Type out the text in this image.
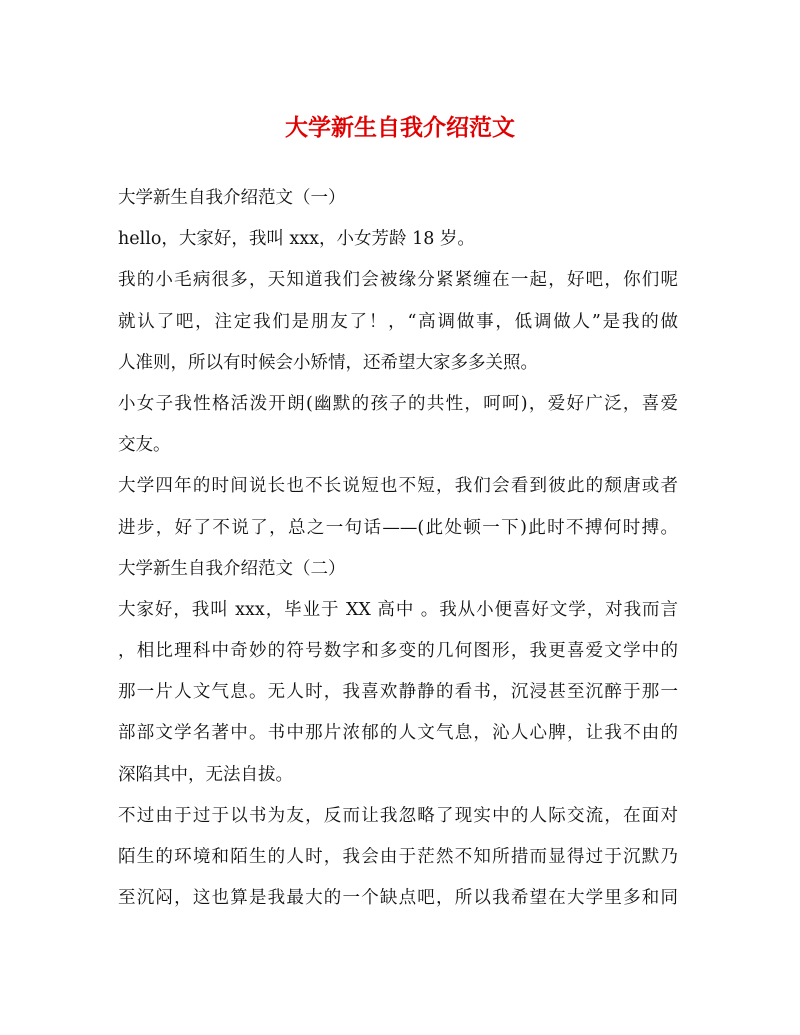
大学新生自我介绍范文
大学新生自我介绍范文（一）
hello，大家好，我叫 xxx，小女芳龄 18 岁。
我的小毛病很多，天知道我们会被缘分紧紧缠在一起，好吧，你们呢
就认了吧，注定我们是朋友了！，“高调做事，低调做人”是我的做
人准则，所以有时候会小矫情，还希望大家多多关照。
小女子我性格活泼开朗(幽默的孩子的共性，呵呵)，爱好广泛，喜爱
交友。
大学四年的时间说长也不长说短也不短，我们会看到彼此的颓唐或者
进步，好了不说了，总之一句话——(此处顿一下)此时不搏何时搏。
大学新生自我介绍范文（二）
大家好，我叫 xxx，毕业于 XX 高中 。我从小便喜好文学，对我而言
，相比理科中奇妙的符号数字和多变的几何图形，我更喜爱文学中的
那一片人文气息。无人时，我喜欢静静的看书，沉浸甚至沉醉于那一
部部文学名著中。书中那片浓郁的人文气息，沁人心脾，让我不由的
深陷其中，无法自拔。
不过由于过于以书为友，反而让我忽略了现实中的人际交流，在面对
陌生的环境和陌生的人时，我会由于茫然不知所措而显得过于沉默乃
至沉闷，这也算是我最大的一个缺点吧，所以我希望在大学里多和同
